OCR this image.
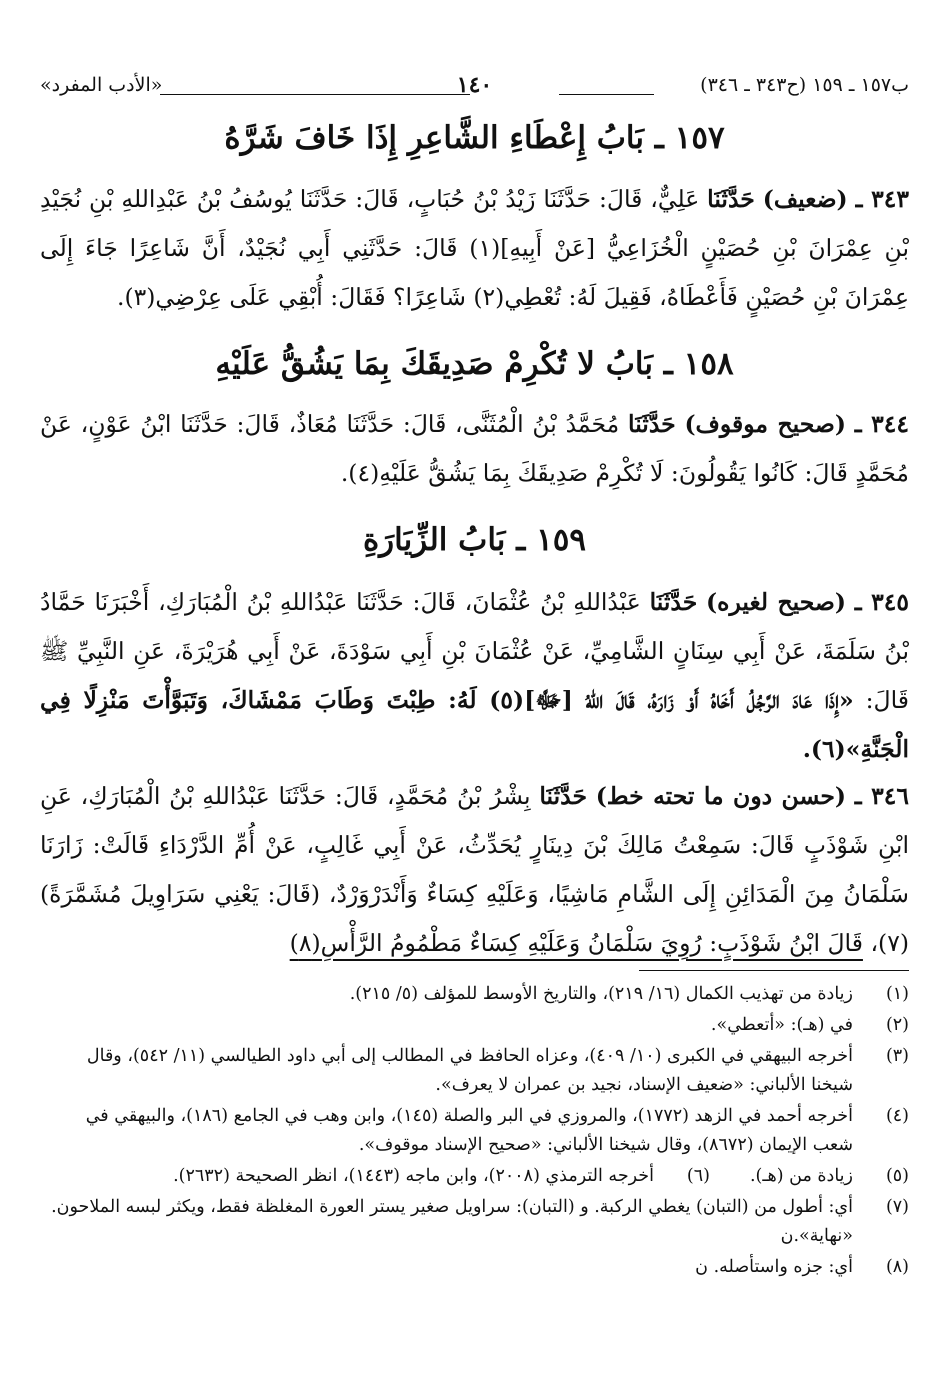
ب١٥٧ ـ ١٥٩ (ح٣٤٣ ـ ٣٤٦)
١٤٠
«الأدب المفرد»
١٥٧ ـ بَابُ إِعْطَاءِ الشَّاعِرِ إِذَا خَافَ شَرَّهُ
٣٤٣ ـ (ضعيف) حَدَّثَنَا عَلِيٌّ، قَالَ: حَدَّثَنَا زَيْدُ بْنُ حُبَابٍ، قَالَ: حَدَّثَنَا يُوسُفُ بْنُ عَبْدِاللهِ بْنِ نُجَيْدِ بْنِ عِمْرَانَ بْنِ حُصَيْنٍ الْخُزَاعِيُّ [عَنْ أَبِيهِ](١) قَالَ: حَدَّثَنِي أَبِي نُجَيْدٌ، أَنَّ شَاعِرًا جَاءَ إِلَى عِمْرَانَ بْنِ حُصَيْنٍ فَأَعْطَاهُ، فَقِيلَ لَهُ: تُعْطِي(٢) شَاعِرًا؟ فَقَالَ: أُبْقِي عَلَى عِرْضِي(٣).
١٥٨ ـ بَابُ لا تُكْرِمْ صَدِيقَكَ بِمَا يَشُقُّ عَلَيْهِ
٣٤٤ ـ (صحيح موقوف) حَدَّثَنَا مُحَمَّدُ بْنُ الْمُثَنَّى، قَالَ: حَدَّثَنَا مُعَاذٌ، قَالَ: حَدَّثَنَا ابْنُ عَوْنٍ، عَنْ مُحَمَّدٍ قَالَ: كَانُوا يَقُولُونَ: لَا تُكْرِمْ صَدِيقَكَ بِمَا يَشُقُّ عَلَيْهِ(٤).
١٥٩ ـ بَابُ الزِّيَارَةِ
٣٤٥ ـ (صحيح لغيره) حَدَّثَنَا عَبْدُاللهِ بْنُ عُثْمَانَ، قَالَ: حَدَّثَنَا عَبْدُاللهِ بْنُ الْمُبَارَكِ، أَخْبَرَنَا حَمَّادُ بْنُ سَلَمَةَ، عَنْ أَبِي سِنَانٍ الشَّامِيِّ، عَنْ عُثْمَانَ بْنِ أَبِي سَوْدَةَ، عَنْ أَبِي هُرَيْرَةَ، عَنِ النَّبِيِّ ﷺ قَالَ: «إِذَا عَادَ الرَّجُلُ أَخَاهُ أَوْ زَارَهُ، قَالَ اللهُ [ﷻ](٥) لَهُ: طِبْتَ وَطَابَ مَمْشَاكَ، وَتَبَوَّأْتَ مَنْزِلًا فِي الْجَنَّةِ»(٦).
٣٤٦ ـ (حسن دون ما تحته خط) حَدَّثَنَا بِشْرُ بْنُ مُحَمَّدٍ، قَالَ: حَدَّثَنَا عَبْدُاللهِ بْنُ الْمُبَارَكِ، عَنِ ابْنِ شَوْذَبٍ قَالَ: سَمِعْتُ مَالِكَ بْنَ دِينَارٍ يُحَدِّثُ، عَنْ أَبِي غَالِبٍ، عَنْ أُمِّ الدَّرْدَاءِ قَالَتْ: زَارَنَا سَلْمَانُ مِنَ الْمَدَائِنِ إِلَى الشَّامِ مَاشِيًا، وَعَلَيْهِ كِسَاءٌ وَأَنْدَرْوَرْدٌ، (قَالَ: يَعْنِي سَرَاوِيلَ مُشَمَّرَةً)(٧)، قَالَ ابْنُ شَوْذَبٍ: رُوِيَ سَلْمَانُ وَعَلَيْهِ كِسَاءٌ مَطْمُومُ الرَّأْسِ(٨)
(١)
زيادة من تهذيب الكمال (١٦/ ٢١٩)، والتاريخ الأوسط للمؤلف (٥/ ٢١٥).
(٢)
في (هـ): «أتعطي».
(٣)
أخرجه البيهقي في الكبرى (١٠/ ٤٠٩)، وعزاه الحافظ في المطالب إلى أبي داود الطيالسي (١١/ ٥٤٢)، وقال شيخنا الألباني: «ضعيف الإسناد، نجيد بن عمران لا يعرف».
(٤)
أخرجه أحمد في الزهد (١٧٧٢)، والمروزي في البر والصلة (١٤٥)، وابن وهب في الجامع (١٨٦)، والبيهقي في شعب الإيمان (٨٦٧٢)، وقال شيخنا الألباني: «صحيح الإسناد موقوف».
(٥)
زيادة من (هـ).
(٦)
أخرجه الترمذي (٢٠٠٨)، وابن ماجه (١٤٤٣)، انظر الصحيحة (٢٦٣٢).
(٧)
أي: أطول من (التبان) يغطي الركبة. و (التبان): سراويل صغير يستر العورة المغلظة فقط، ويكثر لبسه الملاحون. «نهاية».ن
(٨)
أي: جزه واستأصله. ن
